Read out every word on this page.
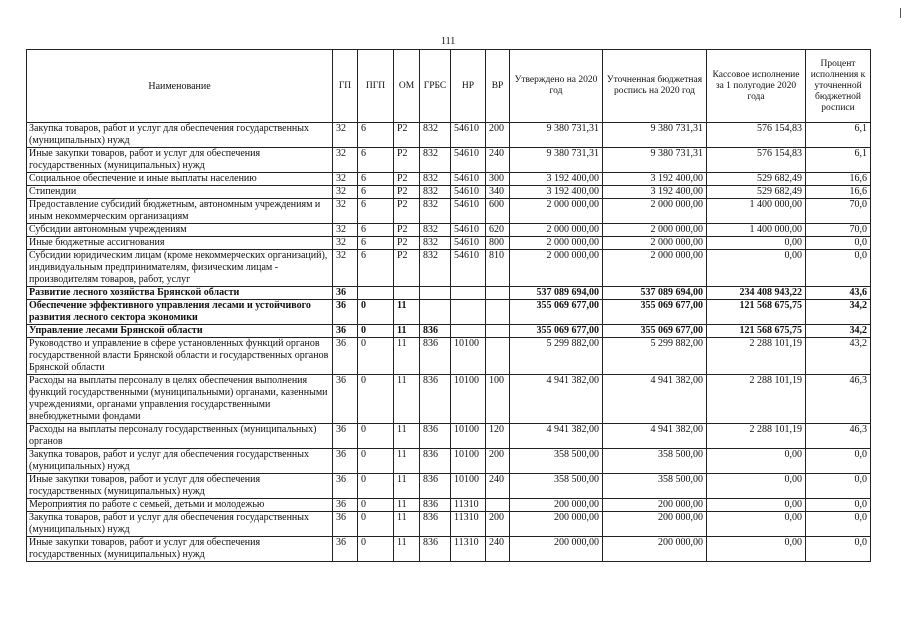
111
Наименование	ГП	ПГП	ОМ	ГРБС	НР	ВР	Утверждено на 2020 год	Уточненная бюджетная роспись на 2020 год	Кассовое исполнение за 1 полугодие 2020 года	Процент исполнения к уточненной бюджетной росписи
Закупка товаров, работ и услуг для обеспечения государственных (муниципальных) нужд	32	6	P2	832	54610	200	9 380 731,31	9 380 731,31	576 154,83	6,1
Иные закупки товаров, работ и услуг для обеспечения государственных (муниципальных) нужд	32	6	P2	832	54610	240	9 380 731,31	9 380 731,31	576 154,83	6,1
Социальное обеспечение и иные выплаты населению	32	6	P2	832	54610	300	3 192 400,00	3 192 400,00	529 682,49	16,6
Стипендии	32	6	P2	832	54610	340	3 192 400,00	3 192 400,00	529 682,49	16,6
Предоставление субсидий бюджетным, автономным учреждениям и иным некоммерческим организациям	32	6	P2	832	54610	600	2 000 000,00	2 000 000,00	1 400 000,00	70,0
Субсидии автономным учреждениям	32	6	P2	832	54610	620	2 000 000,00	2 000 000,00	1 400 000,00	70,0
Иные бюджетные ассигнования	32	6	P2	832	54610	800	2 000 000,00	2 000 000,00	0,00	0,0
Субсидии юридическим лицам (кроме некоммерческих организаций), индивидуальным предпринимателям, физическим лицам - производителям товаров, работ, услуг	32	6	P2	832	54610	810	2 000 000,00	2 000 000,00	0,00	0,0
Развитие лесного хозяйства Брянской области	36						537 089 694,00	537 089 694,00	234 408 943,22	43,6
Обеспечение эффективного управления лесами и устойчивого развития лесного сектора экономики	36	0	11				355 069 677,00	355 069 677,00	121 568 675,75	34,2
Управление лесами Брянской области	36	0	11	836			355 069 677,00	355 069 677,00	121 568 675,75	34,2
Руководство и управление в сфере установленных функций органов государственной власти Брянской области и государственных органов Брянской области	36	0	11	836	10100		5 299 882,00	5 299 882,00	2 288 101,19	43,2
Расходы на выплаты персоналу в целях обеспечения выполнения функций государственными (муниципальными) органами, казенными учреждениями, органами управления государственными внебюджетными фондами	36	0	11	836	10100	100	4 941 382,00	4 941 382,00	2 288 101,19	46,3
Расходы на выплаты персоналу государственных (муниципальных) органов	36	0	11	836	10100	120	4 941 382,00	4 941 382,00	2 288 101,19	46,3
Закупка товаров, работ и услуг для обеспечения государственных (муниципальных) нужд	36	0	11	836	10100	200	358 500,00	358 500,00	0,00	0,0
Иные закупки товаров, работ и услуг для обеспечения государственных (муниципальных) нужд	36	0	11	836	10100	240	358 500,00	358 500,00	0,00	0,0
Мероприятия по работе с семьей, детьми и молодежью	36	0	11	836	11310		200 000,00	200 000,00	0,00	0,0
Закупка товаров, работ и услуг для обеспечения государственных (муниципальных) нужд	36	0	11	836	11310	200	200 000,00	200 000,00	0,00	0,0
Иные закупки товаров, работ и услуг для обеспечения государственных (муниципальных) нужд	36	0	11	836	11310	240	200 000,00	200 000,00	0,00	0,0
